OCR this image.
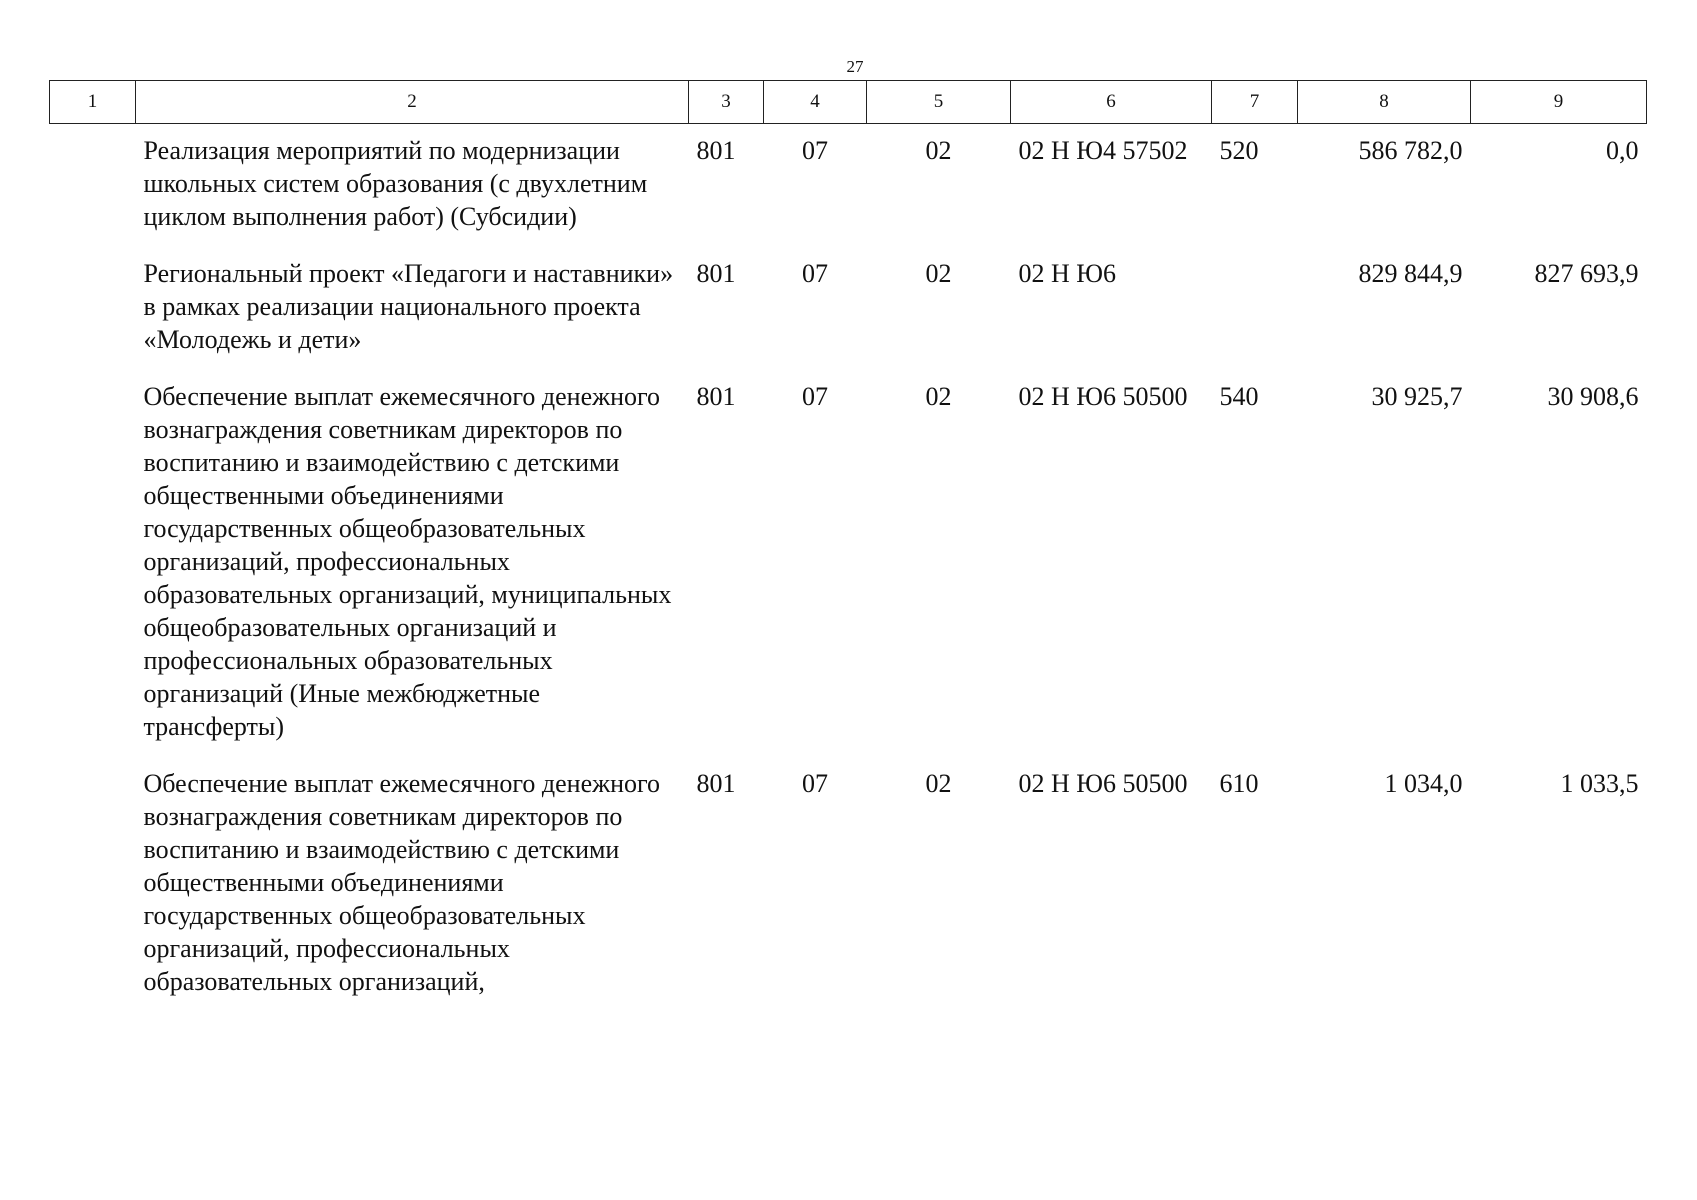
27
1	2	3	4	5	6	7	8	9
	Реализация мероприятий по модернизации школьных систем образования (с двухлетним циклом выполнения работ) (Субсидии)	801	07	02	02 Н Ю4 57502	520	586 782,0	0,0
	Региональный проект «Педагоги и наставники» в рамках реализации национального проекта «Молодежь и дети»	801	07	02	02 Н Ю6		829 844,9	827 693,9
	Обеспечение выплат ежемесячного денежного вознаграждения советникам директоров по воспитанию и взаимодействию с детскими общественными объединениями государственных общеобразовательных организаций, профессиональных образовательных организаций, муниципальных общеобразовательных организаций и профессиональных образовательных организаций (Иные межбюджетные трансферты)	801	07	02	02 Н Ю6 50500	540	30 925,7	30 908,6
	Обеспечение выплат ежемесячного денежного вознаграждения советникам директоров по воспитанию и взаимодействию с детскими общественными объединениями государственных общеобразовательных организаций, профессиональных образовательных организаций,	801	07	02	02 Н Ю6 50500	610	1 034,0	1 033,5
